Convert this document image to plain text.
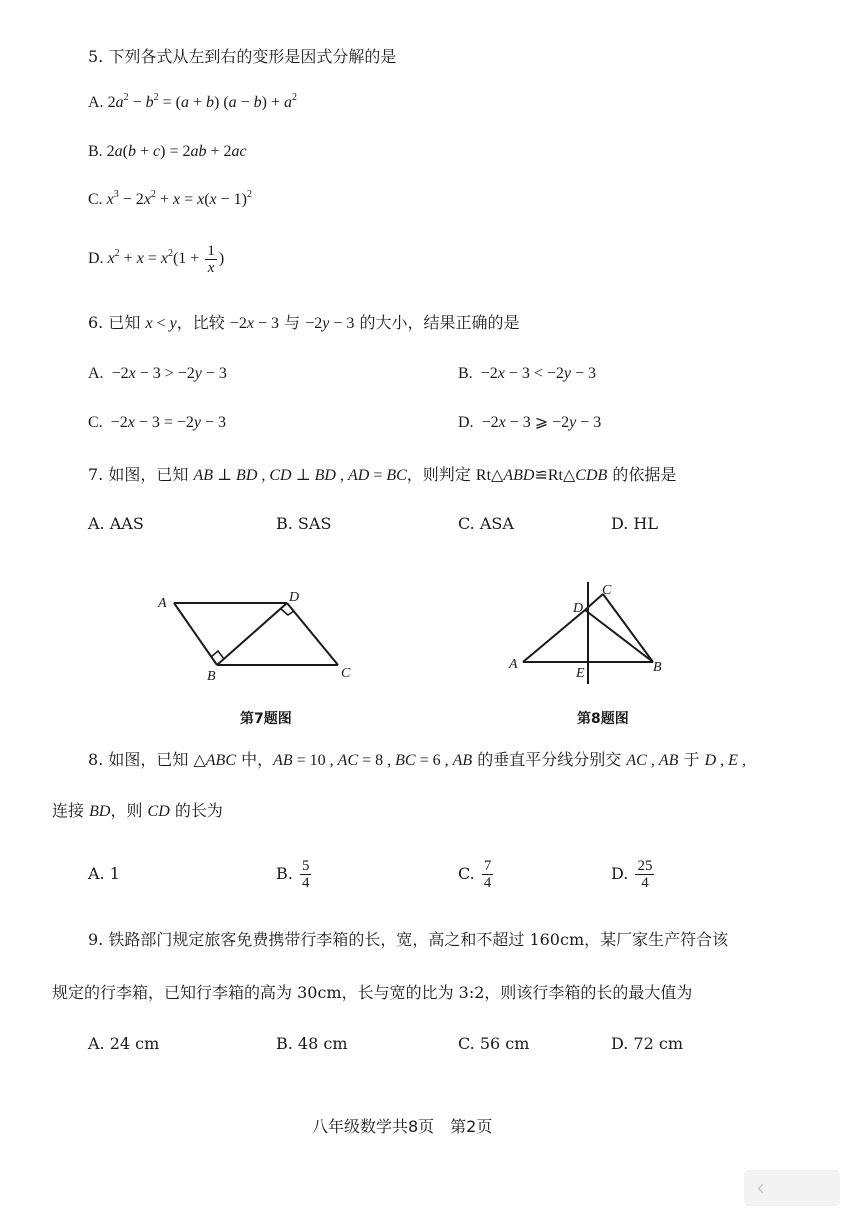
5. 下列各式从左到右的变形是因式分解的是
A. $2a^2 - b^2 = (a + b) (a - b) + a^2$
B. 2a(b + c) = 2ab + 2ac
C. $x^3 - 2x^2 + x = x(x - 1)^2$
D. $x^2 + x = x^2(1 + \frac{1}{x}$ )
6. 已知 x < y，比较 −2x − 3 与 −2y − 3 的大小，结果正确的是
A.  −2x − 3 > −2y − 3	B.  −2x − 3 < −2y − 3
C.  −2x − 3 = −2y − 3	D.  −2x − 3 ⩾ −2y − 3
7. 如图，已知 AB ⊥ BD , CD ⊥ BD , AD = BC，则判定 Rt△ABD≌Rt△CDB 的依据是
A. AAS	B. SAS	C. ASA	D. HL
A	D
B	C
第7题图
A
D
C
B
E
第8题图
8. 如图，已知 △ABC 中，AB = 10 , AC = 8 , BC = 6 , AB 的垂直平分线分别交 AC , AB 于 D , E ,
连接 BD，则 CD 的长为
A. 1	B. $\frac{5}{4}$	C. $\frac{7}{4}$	D. $\frac{25}{4}$
9. 铁路部门规定旅客免费携带行李箱的长，宽，高之和不超过 160cm，某厂家生产符合该
规定的行李箱，已知行李箱的高为 30cm，长与宽的比为 3:2，则该行李箱的长的最大值为
A. 24 cm	B. 48 cm	C. 56 cm	D. 72 cm
八年级数学共8页　第2页
‹
